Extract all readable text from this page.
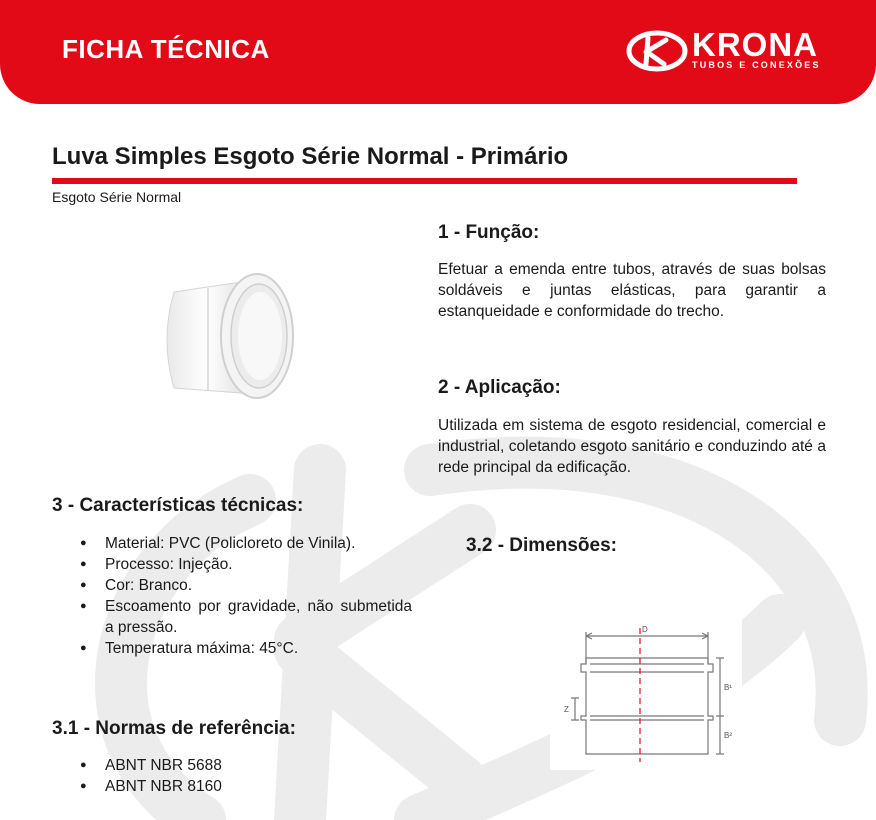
FICHA TÉCNICA	KRONA
TUBOS E CONEXÕES
Luva Simples Esgoto Série Normal - Primário
Esgoto Série Normal
1 - Função:
Efetuar a emenda entre tubos, através de suas bolsas soldáveis e juntas elásticas, para garantir a estanqueidade e conformidade do trecho.
2 - Aplicação:
Utilizada em sistema de esgoto residencial, comercial e industrial, coletando esgoto sanitário e conduzindo até a rede principal da edificação.
3 - Características técnicas:
● Material: PVC (Policloreto de Vinila).
● Processo: Injeção.
● Cor: Branco.
● Escoamento por gravidade, não submetida a pressão.
● Temperatura máxima: 45°C.
3.1 - Normas de referência:
● ABNT NBR 5688
● ABNT NBR 8160
3.2 - Dimensões:
D
B¹
B²
Z
